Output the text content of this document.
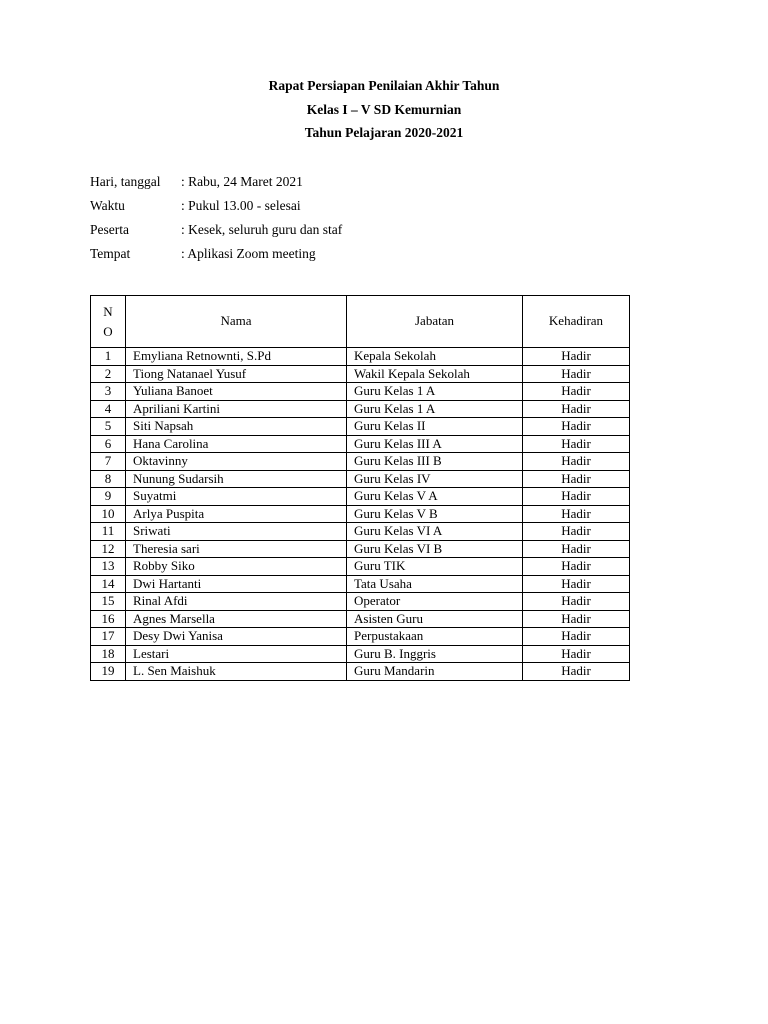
Rapat Persiapan Penilaian Akhir Tahun
Kelas I – V SD Kemurnian
Tahun Pelajaran 2020-2021
Hari, tanggal : Rabu, 24 Maret 2021
Waktu	: Pukul 13.00 - selesai
Peserta	: Kesek, seluruh guru dan staf
Tempat	: Aplikasi Zoom meeting
N
O	Nama	Jabatan	Kehadiran
1	Emyliana Retnownti, S.Pd	Kepala Sekolah	Hadir
2	Tiong Natanael Yusuf	Wakil Kepala Sekolah	Hadir
3	Yuliana Banoet	Guru Kelas 1 A	Hadir
4	Apriliani Kartini	Guru Kelas 1 A	Hadir
5	Siti Napsah	Guru Kelas II	Hadir
6	Hana Carolina	Guru Kelas III A	Hadir
7	Oktavinny	Guru Kelas III B	Hadir
8	Nunung Sudarsih	Guru Kelas IV	Hadir
9	Suyatmi	Guru Kelas V A	Hadir
10	Arlya Puspita	Guru Kelas V B	Hadir
11	Sriwati	Guru Kelas VI A	Hadir
12	Theresia sari	Guru Kelas VI B	Hadir
13	Robby Siko	Guru TIK	Hadir
14	Dwi Hartanti	Tata Usaha	Hadir
15	Rinal Afdi	Operator	Hadir
16	Agnes Marsella	Asisten Guru	Hadir
17	Desy Dwi Yanisa	Perpustakaan	Hadir
18	Lestari	Guru B. Inggris	Hadir
19	L. Sen Maishuk	Guru Mandarin	Hadir
